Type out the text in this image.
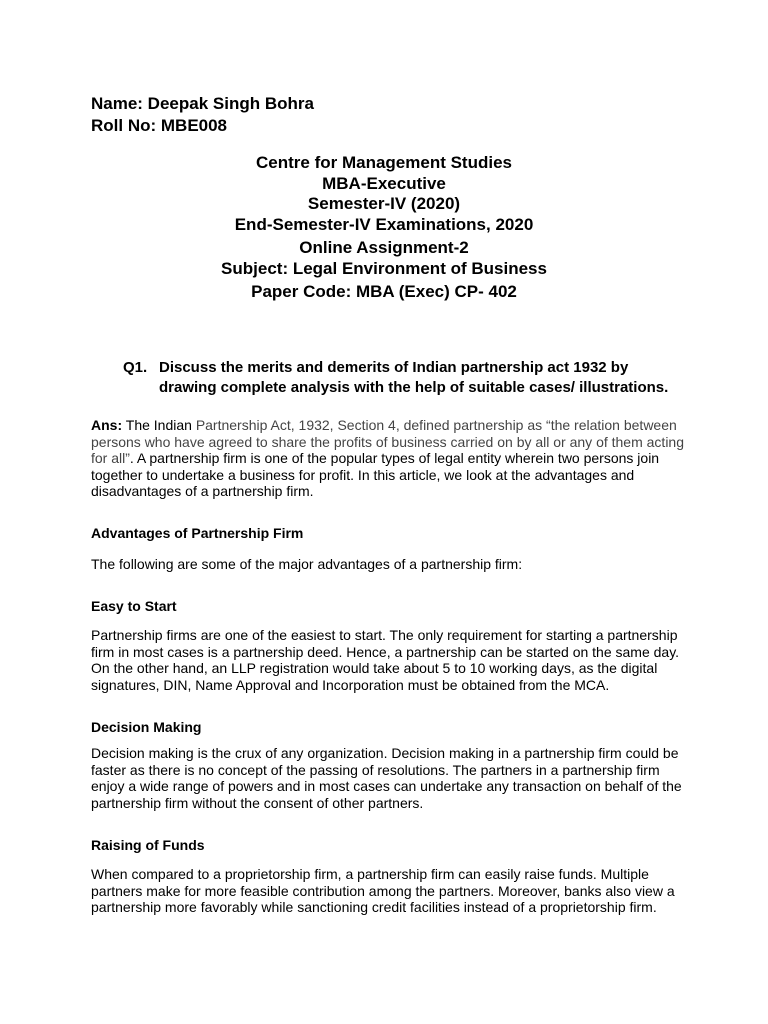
Name: Deepak Singh Bohra
Roll No: MBE008
Centre for Management Studies
MBA-Executive
Semester-IV (2020)
End-Semester-IV Examinations, 2020
Online Assignment-2
Subject: Legal Environment of Business
Paper Code: MBA (Exec) CP- 402
Q1. Discuss the merits and demerits of Indian partnership act 1932 by drawing complete analysis with the help of suitable cases/ illustrations.
Ans: The Indian Partnership Act, 1932, Section 4, defined partnership as “the relation between persons who have agreed to share the profits of business carried on by all or any of them acting for all”. A partnership firm is one of the popular types of legal entity wherein two persons join together to undertake a business for profit. In this article, we look at the advantages and disadvantages of a partnership firm.
Advantages of Partnership Firm
The following are some of the major advantages of a partnership firm:
Easy to Start
Partnership firms are one of the easiest to start. The only requirement for starting a partnership firm in most cases is a partnership deed. Hence, a partnership can be started on the same day. On the other hand, an LLP registration would take about 5 to 10 working days, as the digital signatures, DIN, Name Approval and Incorporation must be obtained from the MCA.
Decision Making
Decision making is the crux of any organization. Decision making in a partnership firm could be faster as there is no concept of the passing of resolutions. The partners in a partnership firm enjoy a wide range of powers and in most cases can undertake any transaction on behalf of the partnership firm without the consent of other partners.
Raising of Funds
When compared to a proprietorship firm, a partnership firm can easily raise funds. Multiple partners make for more feasible contribution among the partners. Moreover, banks also view a partnership more favorably while sanctioning credit facilities instead of a proprietorship firm.
